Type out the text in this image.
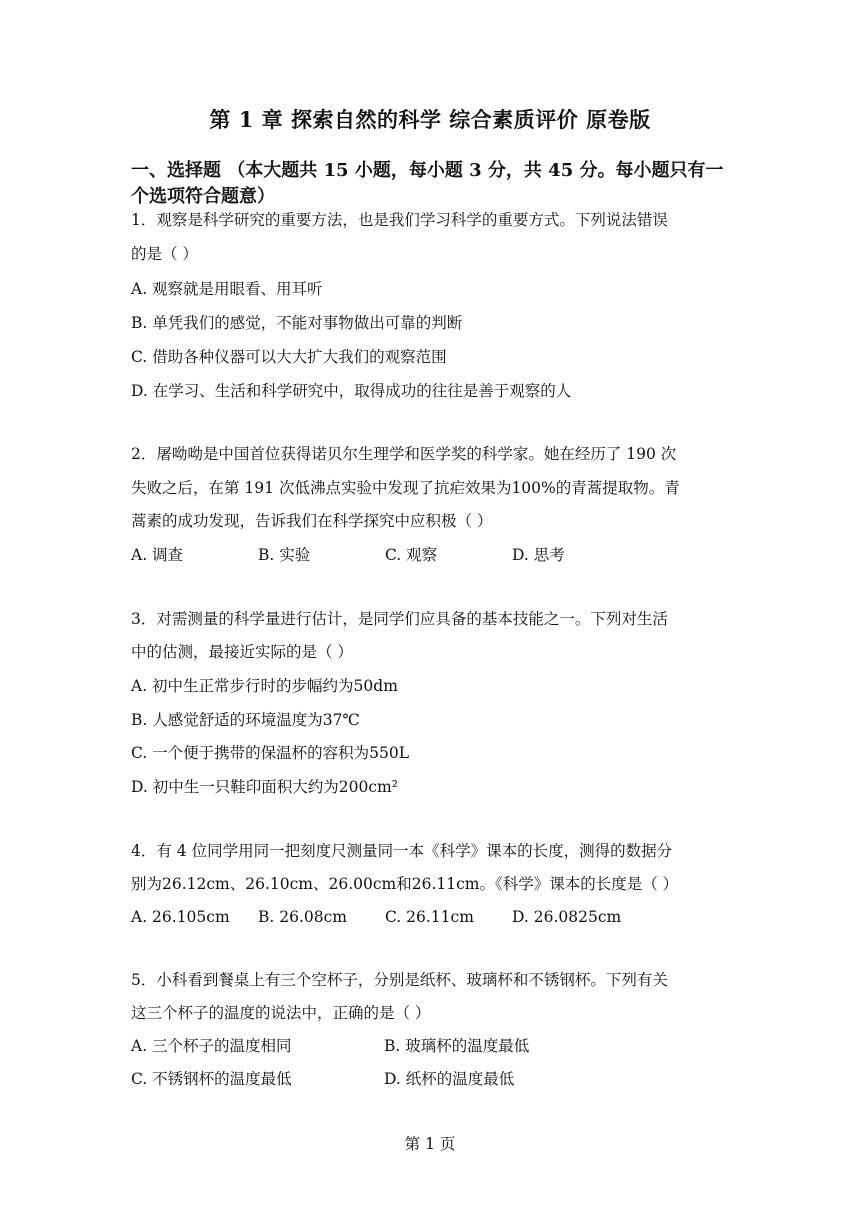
第 1 章 探索自然的科学 综合素质评价 原卷版
一、选择题 （本大题共 15 小题，每小题 3 分，共 45 分。每小题只有一个选项符合题意）
1．观察是科学研究的重要方法，也是我们学习科学的重要方式。下列说法错误
的是（ ）
A. 观察就是用眼看、用耳听
B. 单凭我们的感觉，不能对事物做出可靠的判断
C. 借助各种仪器可以大大扩大我们的观察范围
D. 在学习、生活和科学研究中，取得成功的往往是善于观察的人
2．屠呦呦是中国首位获得诺贝尔生理学和医学奖的科学家。她在经历了 190 次
失败之后，在第 191 次低沸点实验中发现了抗疟效果为100%的青蒿提取物。青
蒿素的成功发现，告诉我们在科学探究中应积极（ ）
A. 调查	B. 实验	C. 观察	D. 思考
3．对需测量的科学量进行估计，是同学们应具备的基本技能之一。下列对生活
中的估测，最接近实际的是（ ）
A. 初中生正常步行时的步幅约为50dm
B. 人感觉舒适的环境温度为37℃
C. 一个便于携带的保温杯的容积为550L
D. 初中生一只鞋印面积大约为200cm²
4．有 4 位同学用同一把刻度尺测量同一本《科学》课本的长度，测得的数据分
别为26.12cm、26.10cm、26.00cm和26.11cm。《科学》课本的长度是（ ）
A. 26.105cm B. 26.08cm C. 26.11cm D. 26.0825cm
5．小科看到餐桌上有三个空杯子，分别是纸杯、玻璃杯和不锈钢杯。下列有关
这三个杯子的温度的说法中，正确的是（ ）
A. 三个杯子的温度相同	B. 玻璃杯的温度最低
C. 不锈钢杯的温度最低	D. 纸杯的温度最低
第 1 页
